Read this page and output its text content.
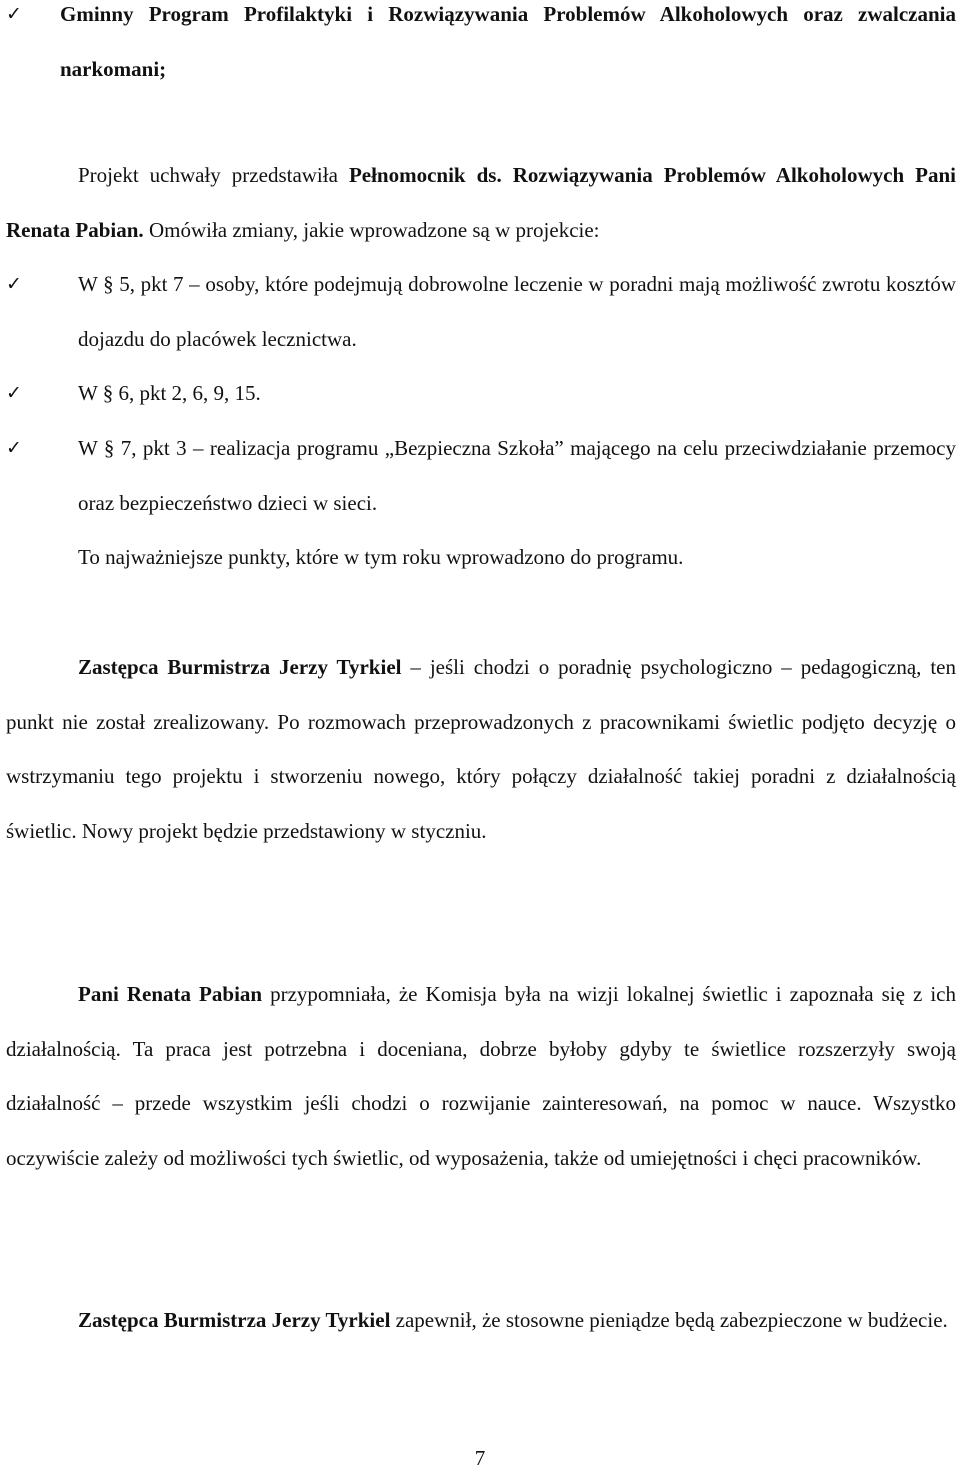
✓	Gminny Program Profilaktyki i Rozwiązywania Problemów Alkoholowych oraz zwalczania narkomani;

Projekt uchwały przedstawiła Pełnomocnik ds. Rozwiązywania Problemów Alkoholowych Pani Renata Pabian. Omówiła zmiany, jakie wprowadzone są w projekcie:

✓	W § 5, pkt 7 – osoby, które podejmują dobrowolne leczenie w poradni mają możliwość zwrotu kosztów dojazdu do placówek lecznictwa.
✓	W § 6, pkt 2, 6, 9, 15.
✓	W § 7, pkt 3 – realizacja programu „Bezpieczna Szkoła” mającego na celu przeciwdziałanie przemocy oraz bezpieczeństwo dzieci w sieci.

To najważniejsze punkty, które w tym roku wprowadzono do programu.

Zastępca Burmistrza Jerzy Tyrkiel – jeśli chodzi o poradnię psychologiczno – pedagogiczną, ten punkt nie został zrealizowany. Po rozmowach przeprowadzonych z pracownikami świetlic podjęto decyzję o wstrzymaniu tego projektu i stworzeniu nowego, który połączy działalność takiej poradni z działalnością świetlic. Nowy projekt będzie przedstawiony w styczniu.

Pani Renata Pabian przypomniała, że Komisja była na wizji lokalnej świetlic i zapoznała się z ich działalnością. Ta praca jest potrzebna i doceniana, dobrze byłoby gdyby te świetlice rozszerzyły swoją działalność – przede wszystkim jeśli chodzi o rozwijanie zainteresowań, na pomoc w nauce. Wszystko oczywiście zależy od możliwości tych świetlic, od wyposażenia, także od umiejętności i chęci pracowników.

Zastępca Burmistrza Jerzy Tyrkiel zapewnił, że stosowne pieniądze będą zabezpieczone w budżecie.

7
